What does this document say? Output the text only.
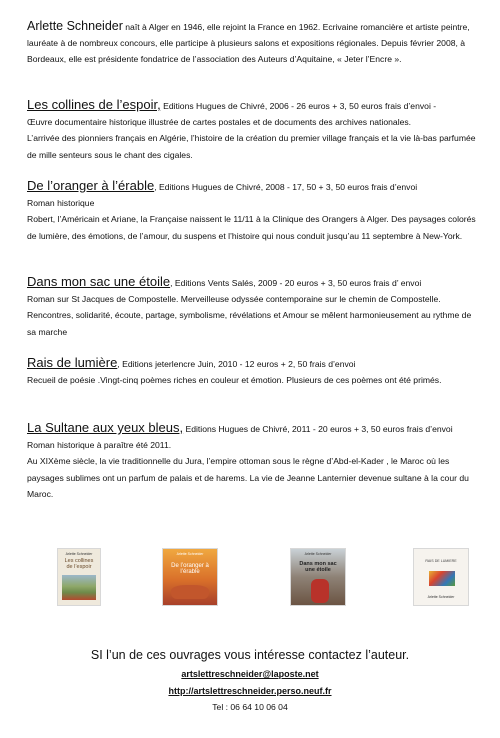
Arlette Schneider naît à Alger en 1946, elle rejoint la France en 1962. Ecrivaine romancière et artiste peintre, lauréate à de nombreux concours, elle participe à plusieurs salons et expositions régionales. Depuis février 2008, à Bordeaux, elle est présidente fondatrice de l’association des Auteurs d’Aquitaine, « Jeter l’Encre ».

Les collines de l’espoir, Editions Hugues de Chivré, 2006 - 26 euros + 3, 50 euros frais d’envoi -

Œuvre documentaire historique illustrée de cartes postales et de documents des archives nationales.

L’arrivée des pionniers français en Algérie, l’histoire de la création du premier village français et la vie là-bas parfumée de mille senteurs sous le chant des cigales.

De l’oranger à l’érable, Editions Hugues de Chivré, 2008 - 17, 50 + 3, 50 euros frais d’envoi

Roman historique

Robert, l’Américain et Ariane, la Française naissent le 11/11 à la Clinique des Orangers à Alger. Des paysages colorés de lumière, des émotions, de l’amour, du suspens et l’histoire qui nous conduit jusqu’au 11 septembre à New-York.

Dans mon sac une étoile, Editions Vents Salés, 2009 - 20 euros + 3, 50 euros frais d’ envoi

Roman sur St Jacques de Compostelle. Merveilleuse odyssée contemporaine sur le chemin de Compostelle. Rencontres, solidarité, écoute, partage, symbolisme, révélations et Amour se mêlent harmonieusement au rythme de sa marche

Rais de lumière, Editions jeterlencre Juin, 2010 - 12 euros + 2, 50 frais d’envoi

Recueil de poésie .Vingt-cinq poèmes riches en couleur et émotion. Plusieurs de ces poèmes ont été primés.

La Sultane aux yeux bleus, Editions Hugues de Chivré, 2011 - 20 euros + 3, 50 euros frais d’envoi

Roman historique à paraître été 2011.

Au XIXème siècle, la vie traditionnelle du Jura, l’empire ottoman sous le règne d’Abd-el-Kader , le Maroc où les paysages sublimes ont un parfum de palais et de harems. La vie de Jeanne Lanternier devenue sultane à la cour du Maroc.

Arlette Schneider
Les collines de l’espoir
Arlette Schneider
De l’oranger à l’érable
Arlette Schneider
Dans mon sac une étoile
RAIS DE LUMIERE
Arlette Schneider
SI l’un de ces ouvrages vous intéresse contactez l’auteur.
artslettreschneider@laposte.net
http://artslettreschneider.perso.neuf.fr
Tel : 06 64 10 06 04
